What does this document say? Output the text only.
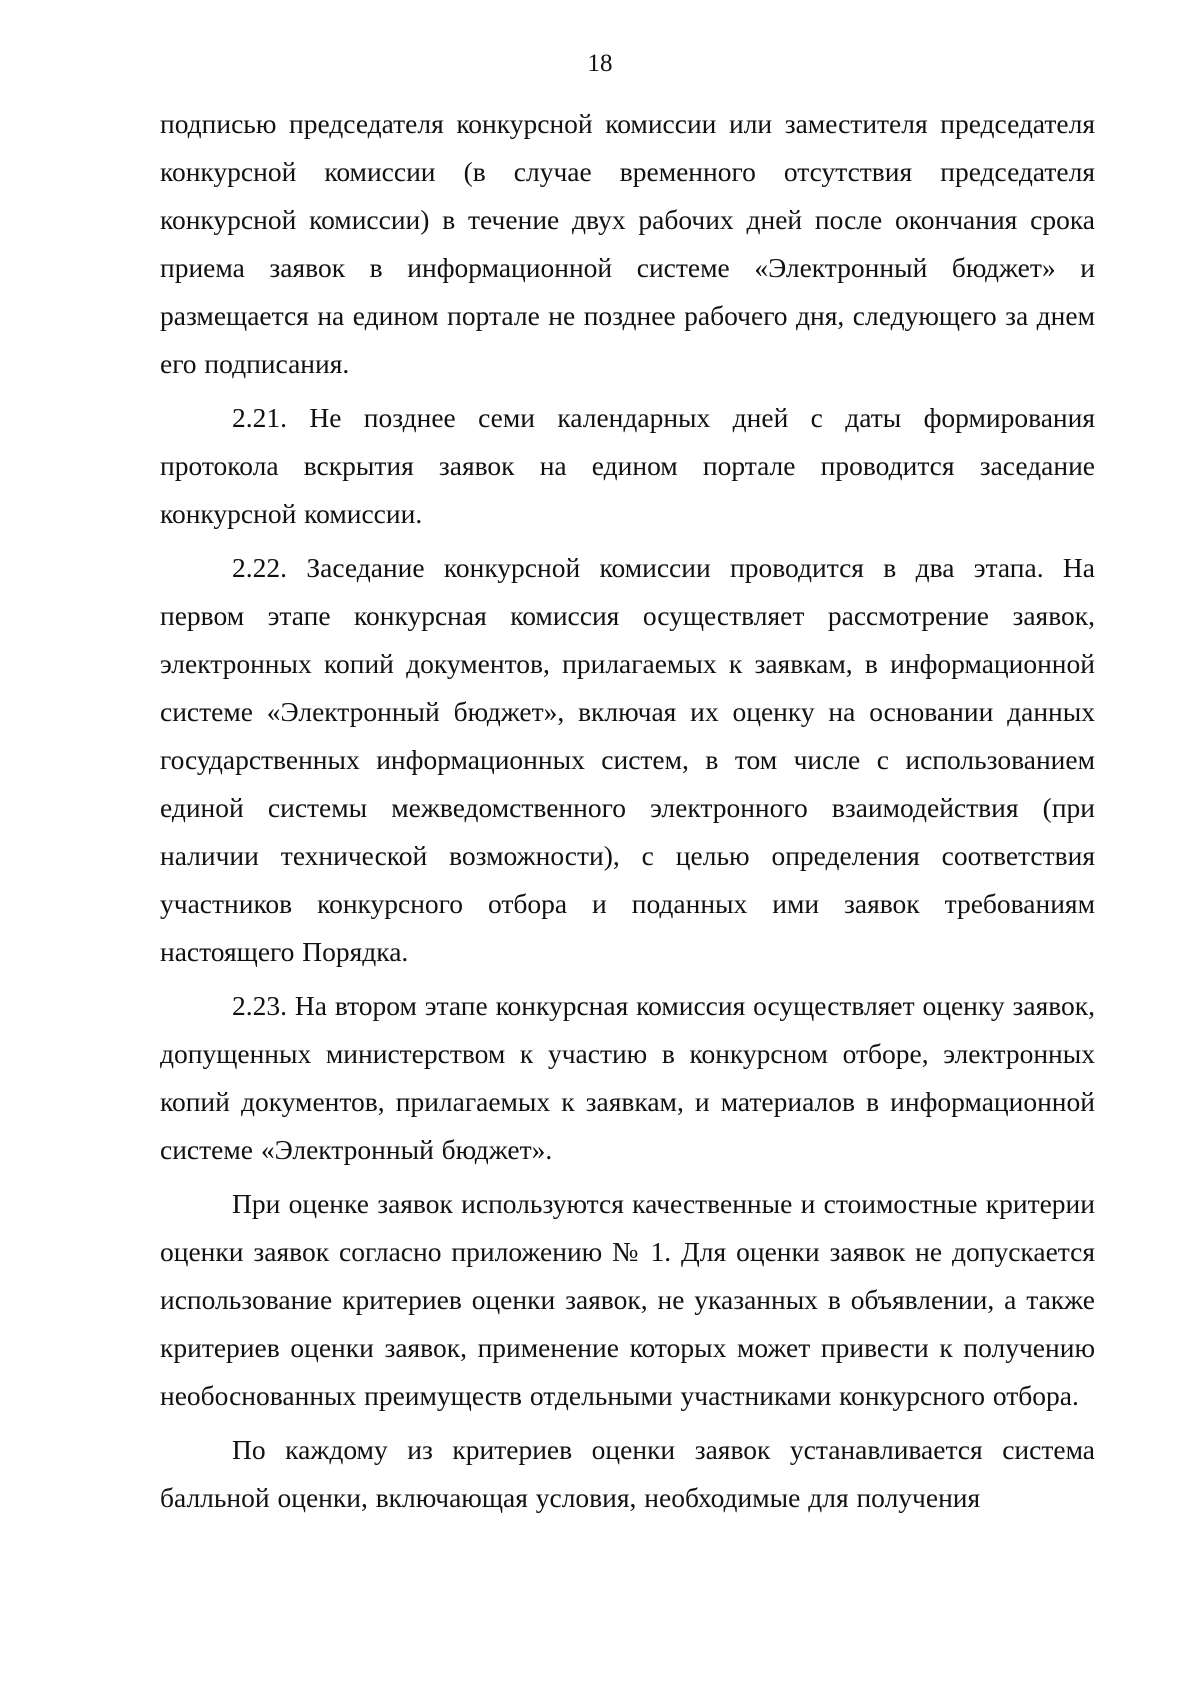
18

подписью председателя конкурсной комиссии или заместителя председателя конкурсной комиссии (в случае временного отсутствия председателя конкурсной комиссии) в течение двух рабочих дней после окончания срока приема заявок в информационной системе «Электронный бюджет» и размещается на едином портале не позднее рабочего дня, следующего за днем его подписания.

2.21. Не позднее семи календарных дней с даты формирования протокола вскрытия заявок на едином портале проводится заседание конкурсной комиссии.

2.22. Заседание конкурсной комиссии проводится в два этапа. На первом этапе конкурсная комиссия осуществляет рассмотрение заявок, электронных копий документов, прилагаемых к заявкам, в информационной системе «Электронный бюджет», включая их оценку на основании данных государственных информационных систем, в том числе с использованием единой системы межведомственного электронного взаимодействия (при наличии технической возможности), с целью определения соответствия участников конкурсного отбора и поданных ими заявок требованиям настоящего Порядка.

2.23. На втором этапе конкурсная комиссия осуществляет оценку заявок, допущенных министерством к участию в конкурсном отборе, электронных копий документов, прилагаемых к заявкам, и материалов в информационной системе «Электронный бюджет».

При оценке заявок используются качественные и стоимостные критерии оценки заявок согласно приложению № 1. Для оценки заявок не допускается использование критериев оценки заявок, не указанных в объявлении, а также критериев оценки заявок, применение которых может привести к получению необоснованных преимуществ отдельными участниками конкурсного отбора.

По каждому из критериев оценки заявок устанавливается система балльной оценки, включающая условия, необходимые для получения
